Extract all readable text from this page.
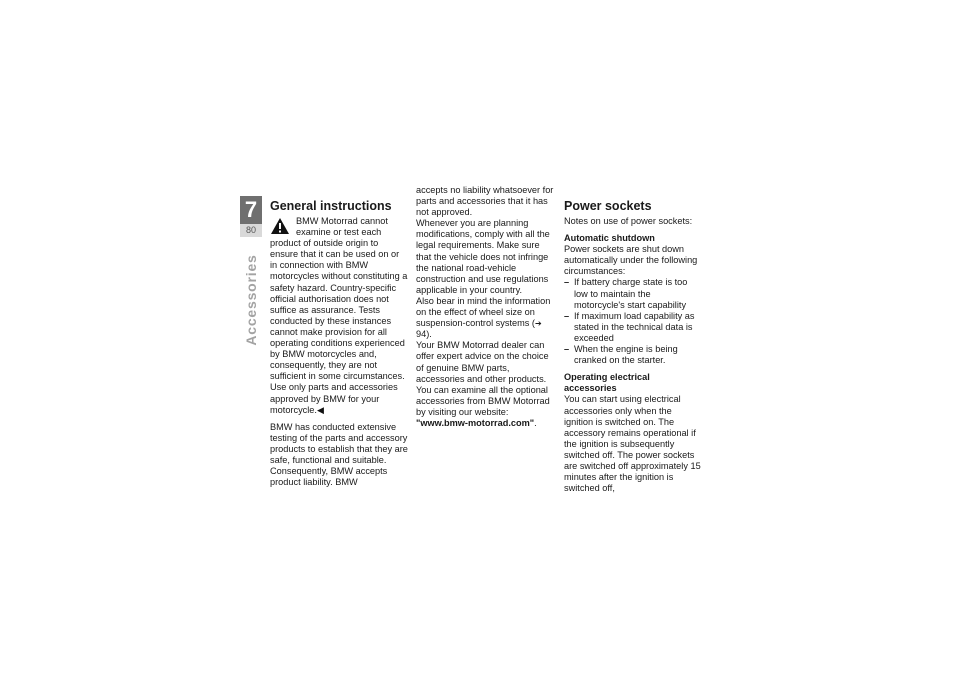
7
80
Accessories
General instructions

BMW Motorrad cannot examine or test each product of outside origin to ensure that it can be used on or in connection with BMW motorcycles without constituting a safety hazard. Country-specific official authorisation does not suffice as assurance. Tests conducted by these instances cannot make provision for all operating conditions experienced by BMW motorcycles and, consequently, they are not sufficient in some circumstances. Use only parts and accessories approved by BMW for your motorcycle.◀

BMW has conducted extensive testing of the parts and accessory products to establish that they are safe, functional and suitable. Consequently, BMW accepts product liability. BMW

accepts no liability whatsoever for parts and accessories that it has not approved.

Whenever you are planning modifications, comply with all the legal requirements. Make sure that the vehicle does not infringe the national road-vehicle construction and use regulations applicable in your country.

Also bear in mind the information on the effect of wheel size on suspension-control systems (➔ 94).

Your BMW Motorrad dealer can offer expert advice on the choice of genuine BMW parts, accessories and other products.

You can examine all the optional accessories from BMW Motorrad by visiting our website: "www.bmw-motorrad.com".

Power sockets

Notes on use of power sockets:

Automatic shutdown

Power sockets are shut down automatically under the following circumstances:

– If battery charge state is too low to maintain the motorcycle's start capability
– If maximum load capability as stated in the technical data is exceeded
– When the engine is being cranked on the starter.
Operating electrical accessories

You can start using electrical accessories only when the ignition is switched on. The accessory remains operational if the ignition is subsequently switched off. The power sockets are switched off approximately 15 minutes after the ignition is switched off,
